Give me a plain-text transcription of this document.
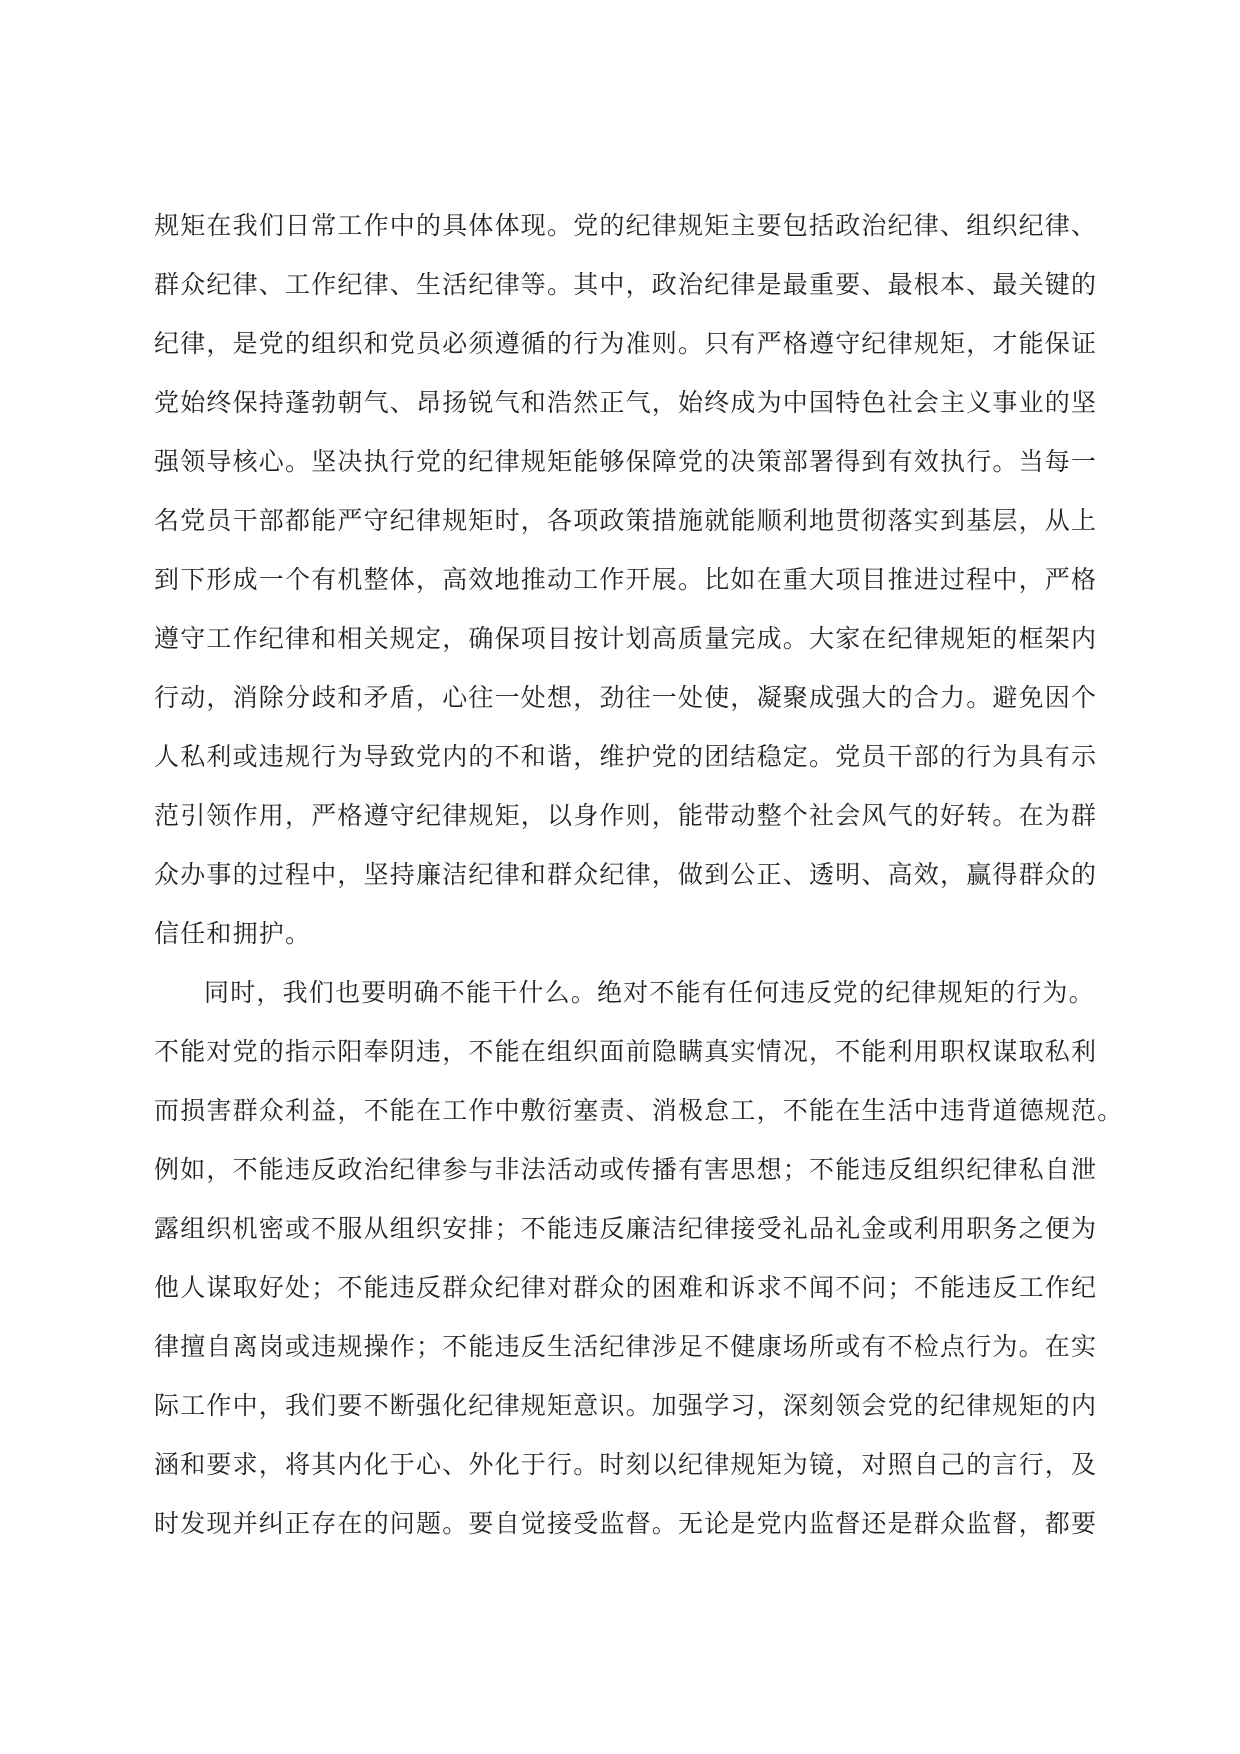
规矩在我们日常工作中的具体体现。党的纪律规矩主要包括政治纪律、组织纪律、
群众纪律、工作纪律、生活纪律等。其中，政治纪律是最重要、最根本、最关键的
纪律，是党的组织和党员必须遵循的行为准则。只有严格遵守纪律规矩，才能保证
党始终保持蓬勃朝气、昂扬锐气和浩然正气，始终成为中国特色社会主义事业的坚
强领导核心。坚决执行党的纪律规矩能够保障党的决策部署得到有效执行。当每一
名党员干部都能严守纪律规矩时，各项政策措施就能顺利地贯彻落实到基层，从上
到下形成一个有机整体，高效地推动工作开展。比如在重大项目推进过程中，严格
遵守工作纪律和相关规定，确保项目按计划高质量完成。大家在纪律规矩的框架内
行动，消除分歧和矛盾，心往一处想，劲往一处使，凝聚成强大的合力。避免因个
人私利或违规行为导致党内的不和谐，维护党的团结稳定。党员干部的行为具有示
范引领作用，严格遵守纪律规矩，以身作则，能带动整个社会风气的好转。在为群
众办事的过程中，坚持廉洁纪律和群众纪律，做到公正、透明、高效，赢得群众的
信任和拥护。
同时，我们也要明确不能干什么。绝对不能有任何违反党的纪律规矩的行为。
不能对党的指示阳奉阴违，不能在组织面前隐瞒真实情况，不能利用职权谋取私利
而损害群众利益，不能在工作中敷衍塞责、消极怠工，不能在生活中违背道德规范。
例如，不能违反政治纪律参与非法活动或传播有害思想；不能违反组织纪律私自泄
露组织机密或不服从组织安排；不能违反廉洁纪律接受礼品礼金或利用职务之便为
他人谋取好处；不能违反群众纪律对群众的困难和诉求不闻不问；不能违反工作纪
律擅自离岗或违规操作；不能违反生活纪律涉足不健康场所或有不检点行为。在实
际工作中，我们要不断强化纪律规矩意识。加强学习，深刻领会党的纪律规矩的内
涵和要求，将其内化于心、外化于行。时刻以纪律规矩为镜，对照自己的言行，及
时发现并纠正存在的问题。要自觉接受监督。无论是党内监督还是群众监督，都要
